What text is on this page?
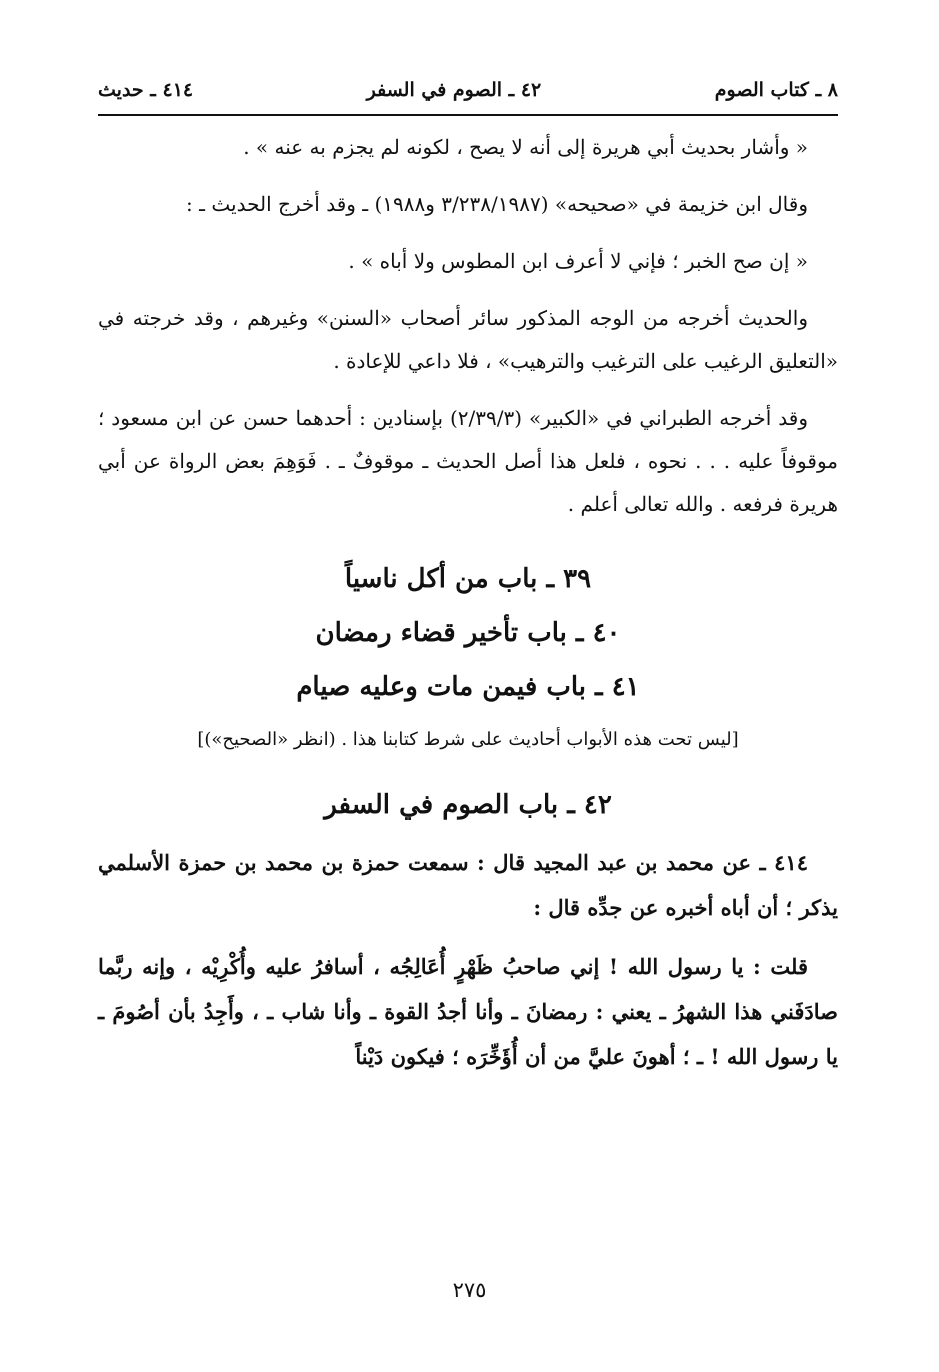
٨ ـ كتاب الصوم
٤٢ ـ الصوم في السفر
٤١٤ ـ حديث

« وأشار بحديث أبي هريرة إلى أنه لا يصح ، لكونه لم يجزم به عنه » .

وقال ابن خزيمة في «صحيحه» (٣/٢٣٨/١٩٨٧ و١٩٨٨) ـ وقد أخرج الحديث ـ :

« إن صح الخبر ؛ فإني لا أعرف ابن المطوس ولا أباه » .

والحديث أخرجه من الوجه المذكور سائر أصحاب «السنن» وغيرهم ، وقد خرجته في «التعليق الرغيب على الترغيب والترهيب» ، فلا داعي للإعادة .

وقد أخرجه الطبراني في «الكبير» (٢/٣٩/٣) بإسنادين : أحدهما حسن عن ابن مسعود ؛ موقوفاً عليه . . . نحوه ، فلعل هذا أصل الحديث ـ موقوفٌ ـ . فَوَهِمَ بعض الرواة عن أبي هريرة فرفعه . والله تعالى أعلم .

٣٩ ـ باب من أكل ناسياً

٤٠ ـ باب تأخير قضاء رمضان

٤١ ـ باب فيمن مات وعليه صيام

[ليس تحت هذه الأبواب أحاديث على شرط كتابنا هذا . (انظر «الصحيح»)]

٤٢ ـ باب الصوم في السفر

٤١٤ ـ عن محمد بن عبد المجيد قال : سمعت حمزة بن محمد بن حمزة الأسلمي يذكر ؛ أن أباه أخبره عن جدِّه قال :

قلت : يا رسول الله ! إني صاحبُ ظَهْرٍ أُعَالِجُه ، أسافرُ عليه وأُكْرِيْه ، وإنه ربَّما صادَفَني هذا الشهرُ ـ يعني : رمضانَ ـ وأنا أجدُ القوة ـ وأنا شاب ـ ، وأَجِدُ بأن أصُومَ ـ يا رسول الله ! ـ ؛ أهونَ عليَّ من أن أُؤَخِّرَه ؛ فيكون دَيْناً

٢٧٥
